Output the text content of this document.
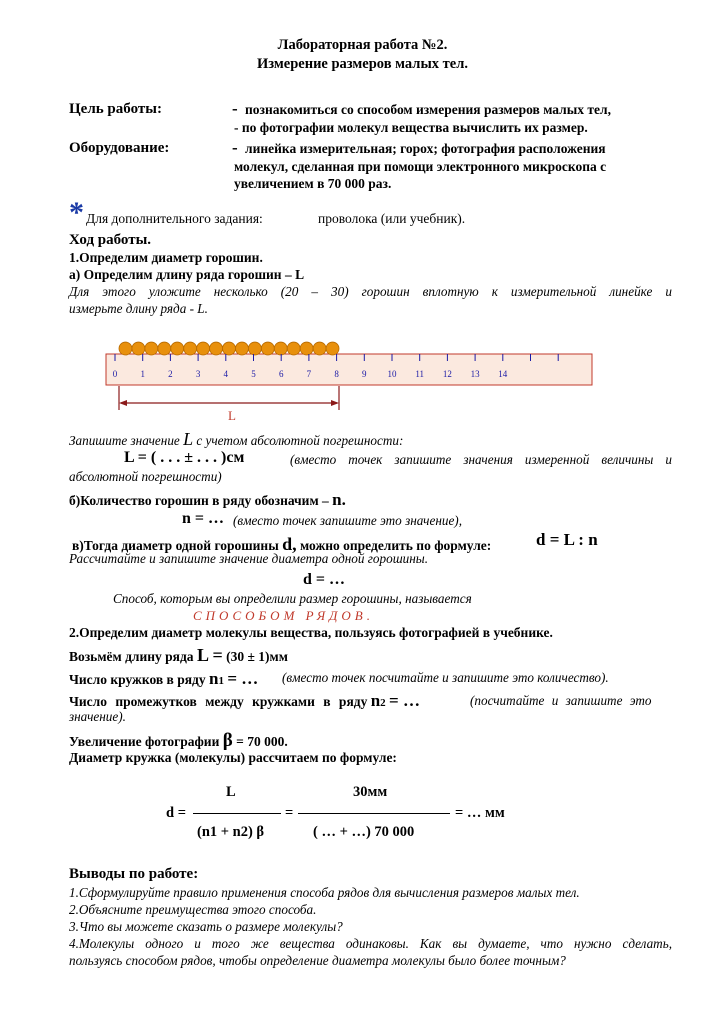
Лабораторная работа №2.
Измерение размеров малых тел.
Цель работы:	- познакомиться со способом измерения размеров малых тел,
- по фотографии молекул вещества вычислить их размер.
Оборудование:	- линейка измерительная; горох; фотография расположения
молекул, сделанная при помощи электронного микроскопа с
увеличением в 70 000 раз.
* Для дополнительного задания:	проволока (или учебник).
Ход работы.
1.Определим диаметр горошин.
а) Определим длину ряда горошин – L
Для этого уложите несколько (20 – 30) горошин вплотную к измерительной линейке и
измерьте длину ряда - L.
0	1	2	3	4	5	6	7	8	9 10 11 12 13 14
L
Запишите значение L с учетом абсолютной погрешности:
L = ( . . . ± . . . )см	(вместо точек запишите значения измеренной величины и
абсолютной погрешности)
б)Количество горошин в ряду обозначим – n.
n = … (вместо точек запишите это значение),
в)Тогда диаметр одной горошины d, можно определить по формуле:	d = L : n
Рассчитайте и запишите значение диаметра одной горошины.
d = …
Способ, которым вы определили размер горошины, называется
СПОСОБОМ РЯДОВ.
2.Определим диаметр молекулы вещества, пользуясь фотографией в учебнике.
Возьмём длину ряда L = (30 ± 1)мм
Число кружков в ряду n1 = … (вместо точек посчитайте и запишите это количество).
Число промежутков между кружками в ряду n2 = …	(посчитайте и запишите это
значение).
Увеличение фотографии β = 70 000.
Диаметр кружка (молекулы) рассчитаем по формуле:
L	30мм
d =	=	= … мм
(n1 + n2) β	( … + …) 70 000
Выводы по работе:
1.Сформулируйте правило применения способа рядов для вычисления размеров малых тел.
2.Объясните преимущества этого способа.
3.Что вы можете сказать о размере молекулы?
4.Молекулы одного и того же вещества одинаковы. Как вы думаете, что нужно сделать,
пользуясь способом рядов, чтобы определение диаметра молекулы было более точным?
